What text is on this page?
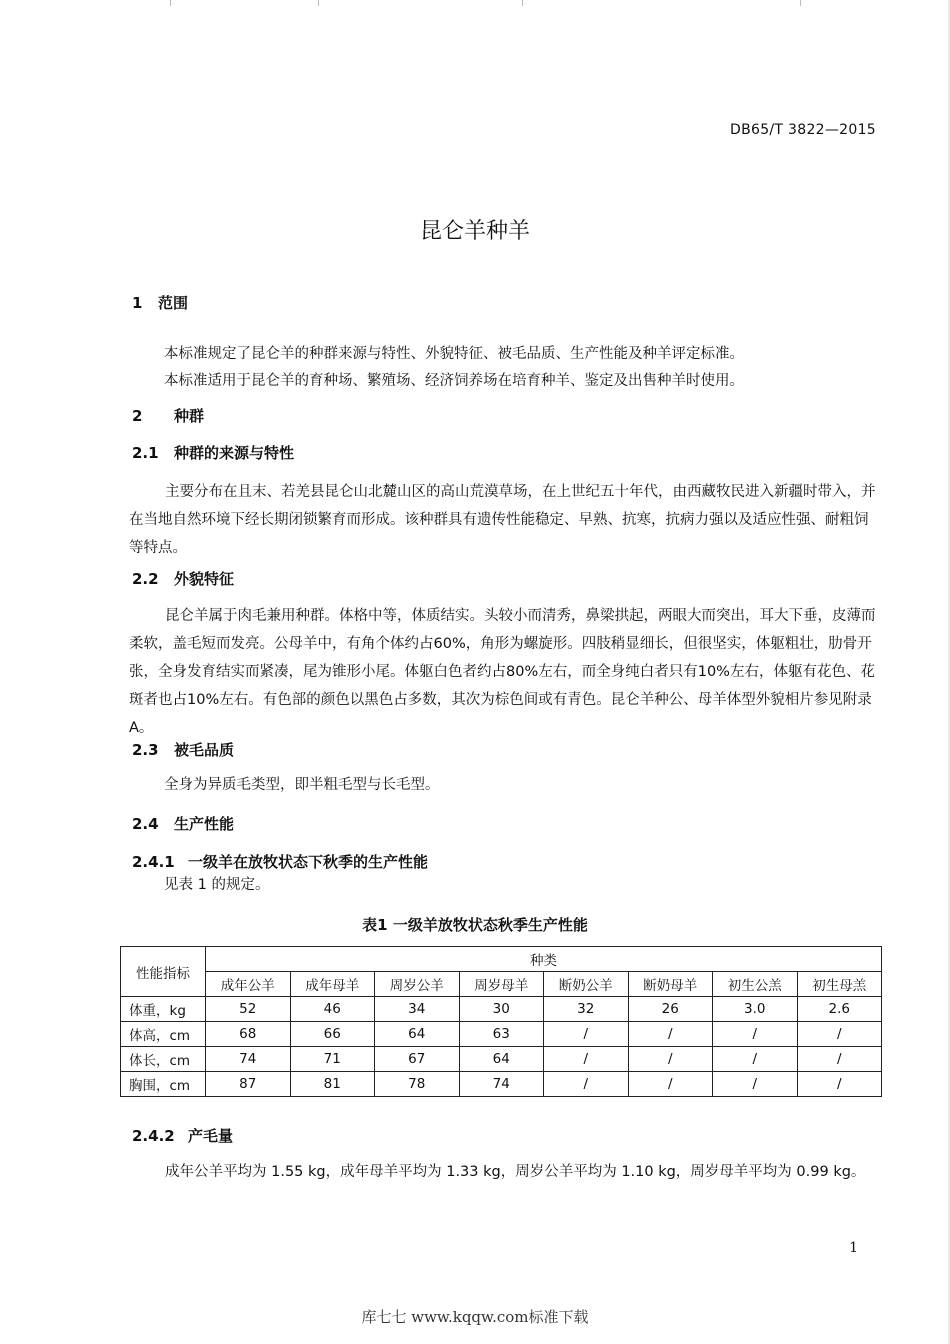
DB65/T 3822—2015
昆仑羊种羊
1 范围
本标准规定了昆仑羊的种群来源与特性、外貌特征、被毛品质、生产性能及种羊评定标准。
本标准适用于昆仑羊的育种场、繁殖场、经济饲养场在培育种羊、鉴定及出售种羊时使用。
2 种群
2.1 种群的来源与特性
主要分布在且末、若羌县昆仑山北麓山区的高山荒漠草场，在上世纪五十年代，由西藏牧民进入新疆时带入，并在当地自然环境下经长期闭锁繁育而形成。该种群具有遗传性能稳定、早熟、抗寒，抗病力强以及适应性强、耐粗饲等特点。
2.2 外貌特征
昆仑羊属于肉毛兼用种群。体格中等，体质结实。头较小而清秀，鼻梁拱起，两眼大而突出，耳大下垂，皮薄而柔软，盖毛短而发亮。公母羊中，有角个体约占60%，角形为螺旋形。四肢稍显细长，但很坚实，体躯粗壮，肋骨开张，全身发育结实而紧凑，尾为锥形小尾。体躯白色者约占80%左右，而全身纯白者只有10%左右，体躯有花色、花斑者也占10%左右。有色部的颜色以黑色占多数，其次为棕色间或有青色。昆仑羊种公、母羊体型外貌相片参见附录A。
2.3 被毛品质
全身为异质毛类型，即半粗毛型与长毛型。
2.4 生产性能
2.4.1 一级羊在放牧状态下秋季的生产性能
见表 1 的规定。
表1 一级羊放牧状态秋季生产性能
性能指标	种类							
	成年公羊	成年母羊	周岁公羊	周岁母羊	断奶公羊	断奶母羊	初生公羔	初生母羔
体重，kg	52	46	34	30	32	26	3.0	2.6
体高，cm	68	66	64	63	/	/	/	/
体长，cm	74	71	67	64	/	/	/	/
胸围，cm	87	81	78	74	/	/	/	/
2.4.2 产毛量
成年公羊平均为 1.55 kg，成年母羊平均为 1.33 kg，周岁公羊平均为 1.10 kg，周岁母羊平均为 0.99 kg。
1
库七七 www.kqqw.com标准下载
